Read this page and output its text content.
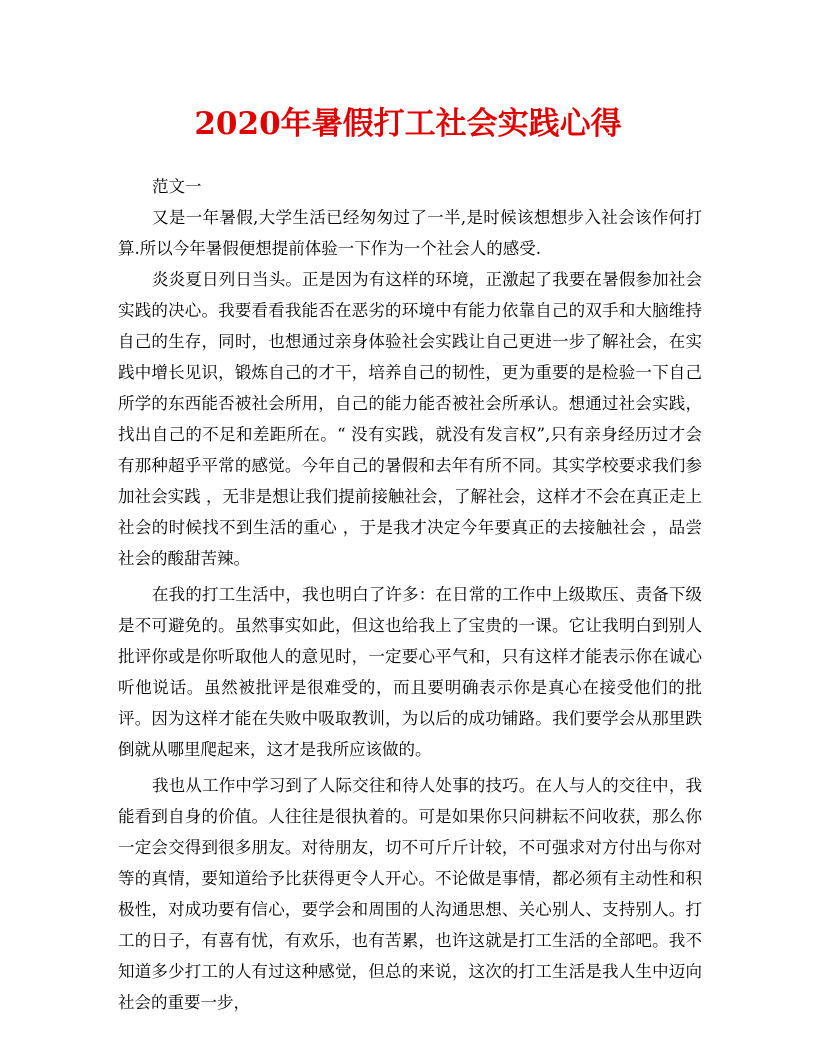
2020年暑假打工社会实践心得

范文一

又是一年暑假,大学生活已经匆匆过了一半,是时候该想想步入社会该作何打算.所以今年暑假便想提前体验一下作为一个社会人的感受.

炎炎夏日列日当头。正是因为有这样的环境，正激起了我要在暑假参加社会实践的决心。我要看看我能否在恶劣的环境中有能力依靠自己的双手和大脑维持自己的生存，同时，也想通过亲身体验社会实践让自己更进一步了解社会，在实践中增长见识，锻炼自己的才干，培养自己的韧性，更为重要的是检验一下自己所学的东西能否被社会所用，自己的能力能否被社会所承认。想通过社会实践，找出自己的不足和差距所在。“ 没有实践，就没有发言权”,只有亲身经历过才会有那种超乎平常的感觉。今年自己的暑假和去年有所不同。其实学校要求我们参加社会实践 ，无非是想让我们提前接触社会，了解社会，这样才不会在真正走上社会的时候找不到生活的重心 ，于是我才决定今年要真正的去接触社会 ，品尝社会的酸甜苦辣。

在我的打工生活中，我也明白了许多：在日常的工作中上级欺压、责备下级是不可避免的。虽然事实如此，但这也给我上了宝贵的一课。它让我明白到别人批评你或是你听取他人的意见时，一定要心平气和，只有这样才能表示你在诚心听他说话。虽然被批评是很难受的，而且要明确表示你是真心在接受他们的批评。因为这样才能在失败中吸取教训，为以后的成功铺路。我们要学会从那里跌倒就从哪里爬起来，这才是我所应该做的。

我也从工作中学习到了人际交往和待人处事的技巧。在人与人的交往中，我能看到自身的价值。人往往是很执着的。可是如果你只问耕耘不问收获，那么你一定会交得到很多朋友。对待朋友，切不可斤斤计较，不可强求对方付出与你对等的真情，要知道给予比获得更令人开心。不论做是事情，都必须有主动性和积极性，对成功要有信心，要学会和周围的人沟通思想、关心别人、支持别人。打工的日子，有喜有忧，有欢乐，也有苦累，也许这就是打工生活的全部吧。我不知道多少打工的人有过这种感觉，但总的来说，这次的打工生活是我人生中迈向社会的重要一步，
